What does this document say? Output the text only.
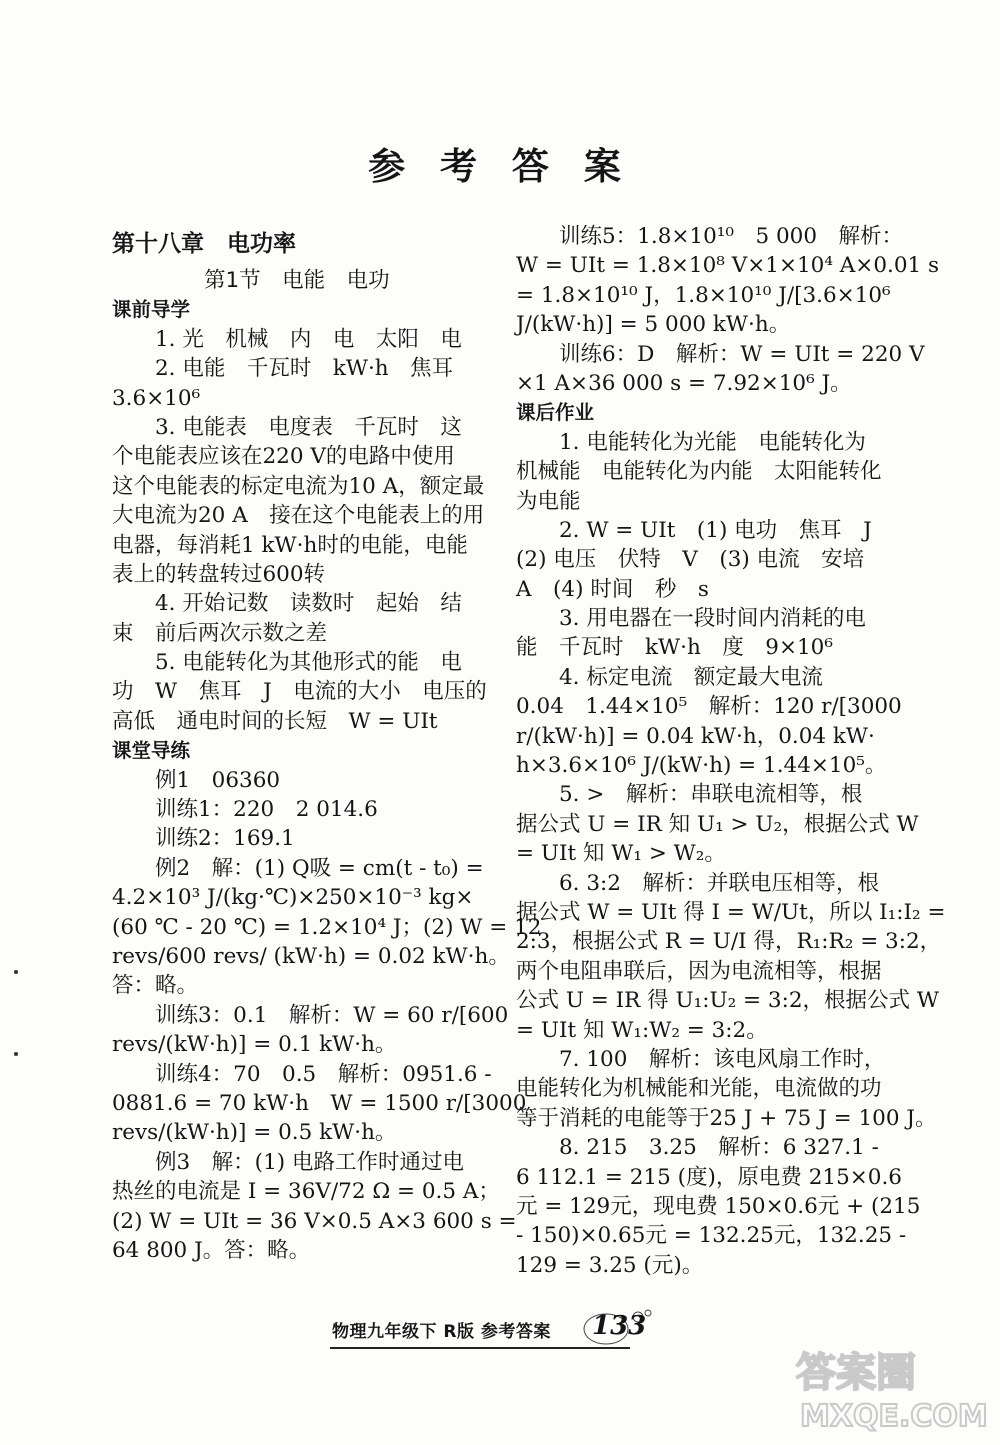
参 考 答 案
第十八章　电功率
第1节　电能　电功
课前导学
1. 光　机械　内　电　太阳　电
2. 电能　千瓦时　kW·h　焦耳
3.6×10⁶
3. 电能表　电度表　千瓦时　这
个电能表应该在220 V的电路中使用
这个电能表的标定电流为10 A，额定最
大电流为20 A　接在这个电能表上的用
电器，每消耗1 kW·h时的电能，电能
表上的转盘转过600转
4. 开始记数　读数时　起始　结
束　前后两次示数之差
5. 电能转化为其他形式的能　电
功　W　焦耳　J　电流的大小　电压的
高低　通电时间的长短　W = UIt
课堂导练
例1　06360
训练1：220　2 014.6
训练2：169.1
例2　解：(1) Q吸 = cm(t - t₀) =
4.2×10³ J/(kg·℃)×250×10⁻³ kg×
(60 ℃ - 20 ℃) = 1.2×10⁴ J；(2) W = 12
revs/600 revs/ (kW·h) = 0.02 kW·h。
答：略。
训练3：0.1　解析：W = 60 r/[600
revs/(kW·h)] = 0.1 kW·h。
训练4：70　0.5　解析：0951.6 -
0881.6 = 70 kW·h　W = 1500 r/[3000
revs/(kW·h)] = 0.5 kW·h。
例3　解：(1) 电路工作时通过电
热丝的电流是 I = 36V/72 Ω = 0.5 A；
(2) W = UIt = 36 V×0.5 A×3 600 s =
64 800 J。答：略。
训练5：1.8×10¹⁰　5 000　解析：
W = UIt = 1.8×10⁸ V×1×10⁴ A×0.01 s
= 1.8×10¹⁰ J，1.8×10¹⁰ J/[3.6×10⁶
J/(kW·h)] = 5 000 kW·h。
训练6：D　解析：W = UIt = 220 V
×1 A×36 000 s = 7.92×10⁶ J。
课后作业
1. 电能转化为光能　电能转化为
机械能　电能转化为内能　太阳能转化
为电能
2. W = UIt　(1) 电功　焦耳　J
(2) 电压　伏特　V　(3) 电流　安培
A　(4) 时间　秒　s
3. 用电器在一段时间内消耗的电
能　千瓦时　kW·h　度　9×10⁶
4. 标定电流　额定最大电流
0.04　1.44×10⁵　解析：120 r/[3000
r/(kW·h)] = 0.04 kW·h，0.04 kW·
h×3.6×10⁶ J/(kW·h) = 1.44×10⁵。
5. >　解析：串联电流相等，根
据公式 U = IR 知 U₁ > U₂，根据公式 W
= UIt 知 W₁ > W₂。
6. 3:2　解析：并联电压相等，根
据公式 W = UIt 得 I = W/Ut，所以 I₁:I₂ =
2:3，根据公式 R = U/I 得，R₁:R₂ = 3:2，
两个电阻串联后，因为电流相等，根据
公式 U = IR 得 U₁:U₂ = 3:2，根据公式 W
= UIt 知 W₁:W₂ = 3:2。
7. 100　解析：该电风扇工作时，
电能转化为机械能和光能，电流做的功
等于消耗的电能等于25 J + 75 J = 100 J。
8. 215　3.25　解析：6 327.1 -
6 112.1 = 215 (度)，原电费 215×0.6
元 = 129元，现电费 150×0.6元 + (215
- 150)×0.65元 = 132.25元，132.25 -
129 = 3.25 (元)。
物理九年级下 R版 参考答案 133
答案圈
MXQE.COM
